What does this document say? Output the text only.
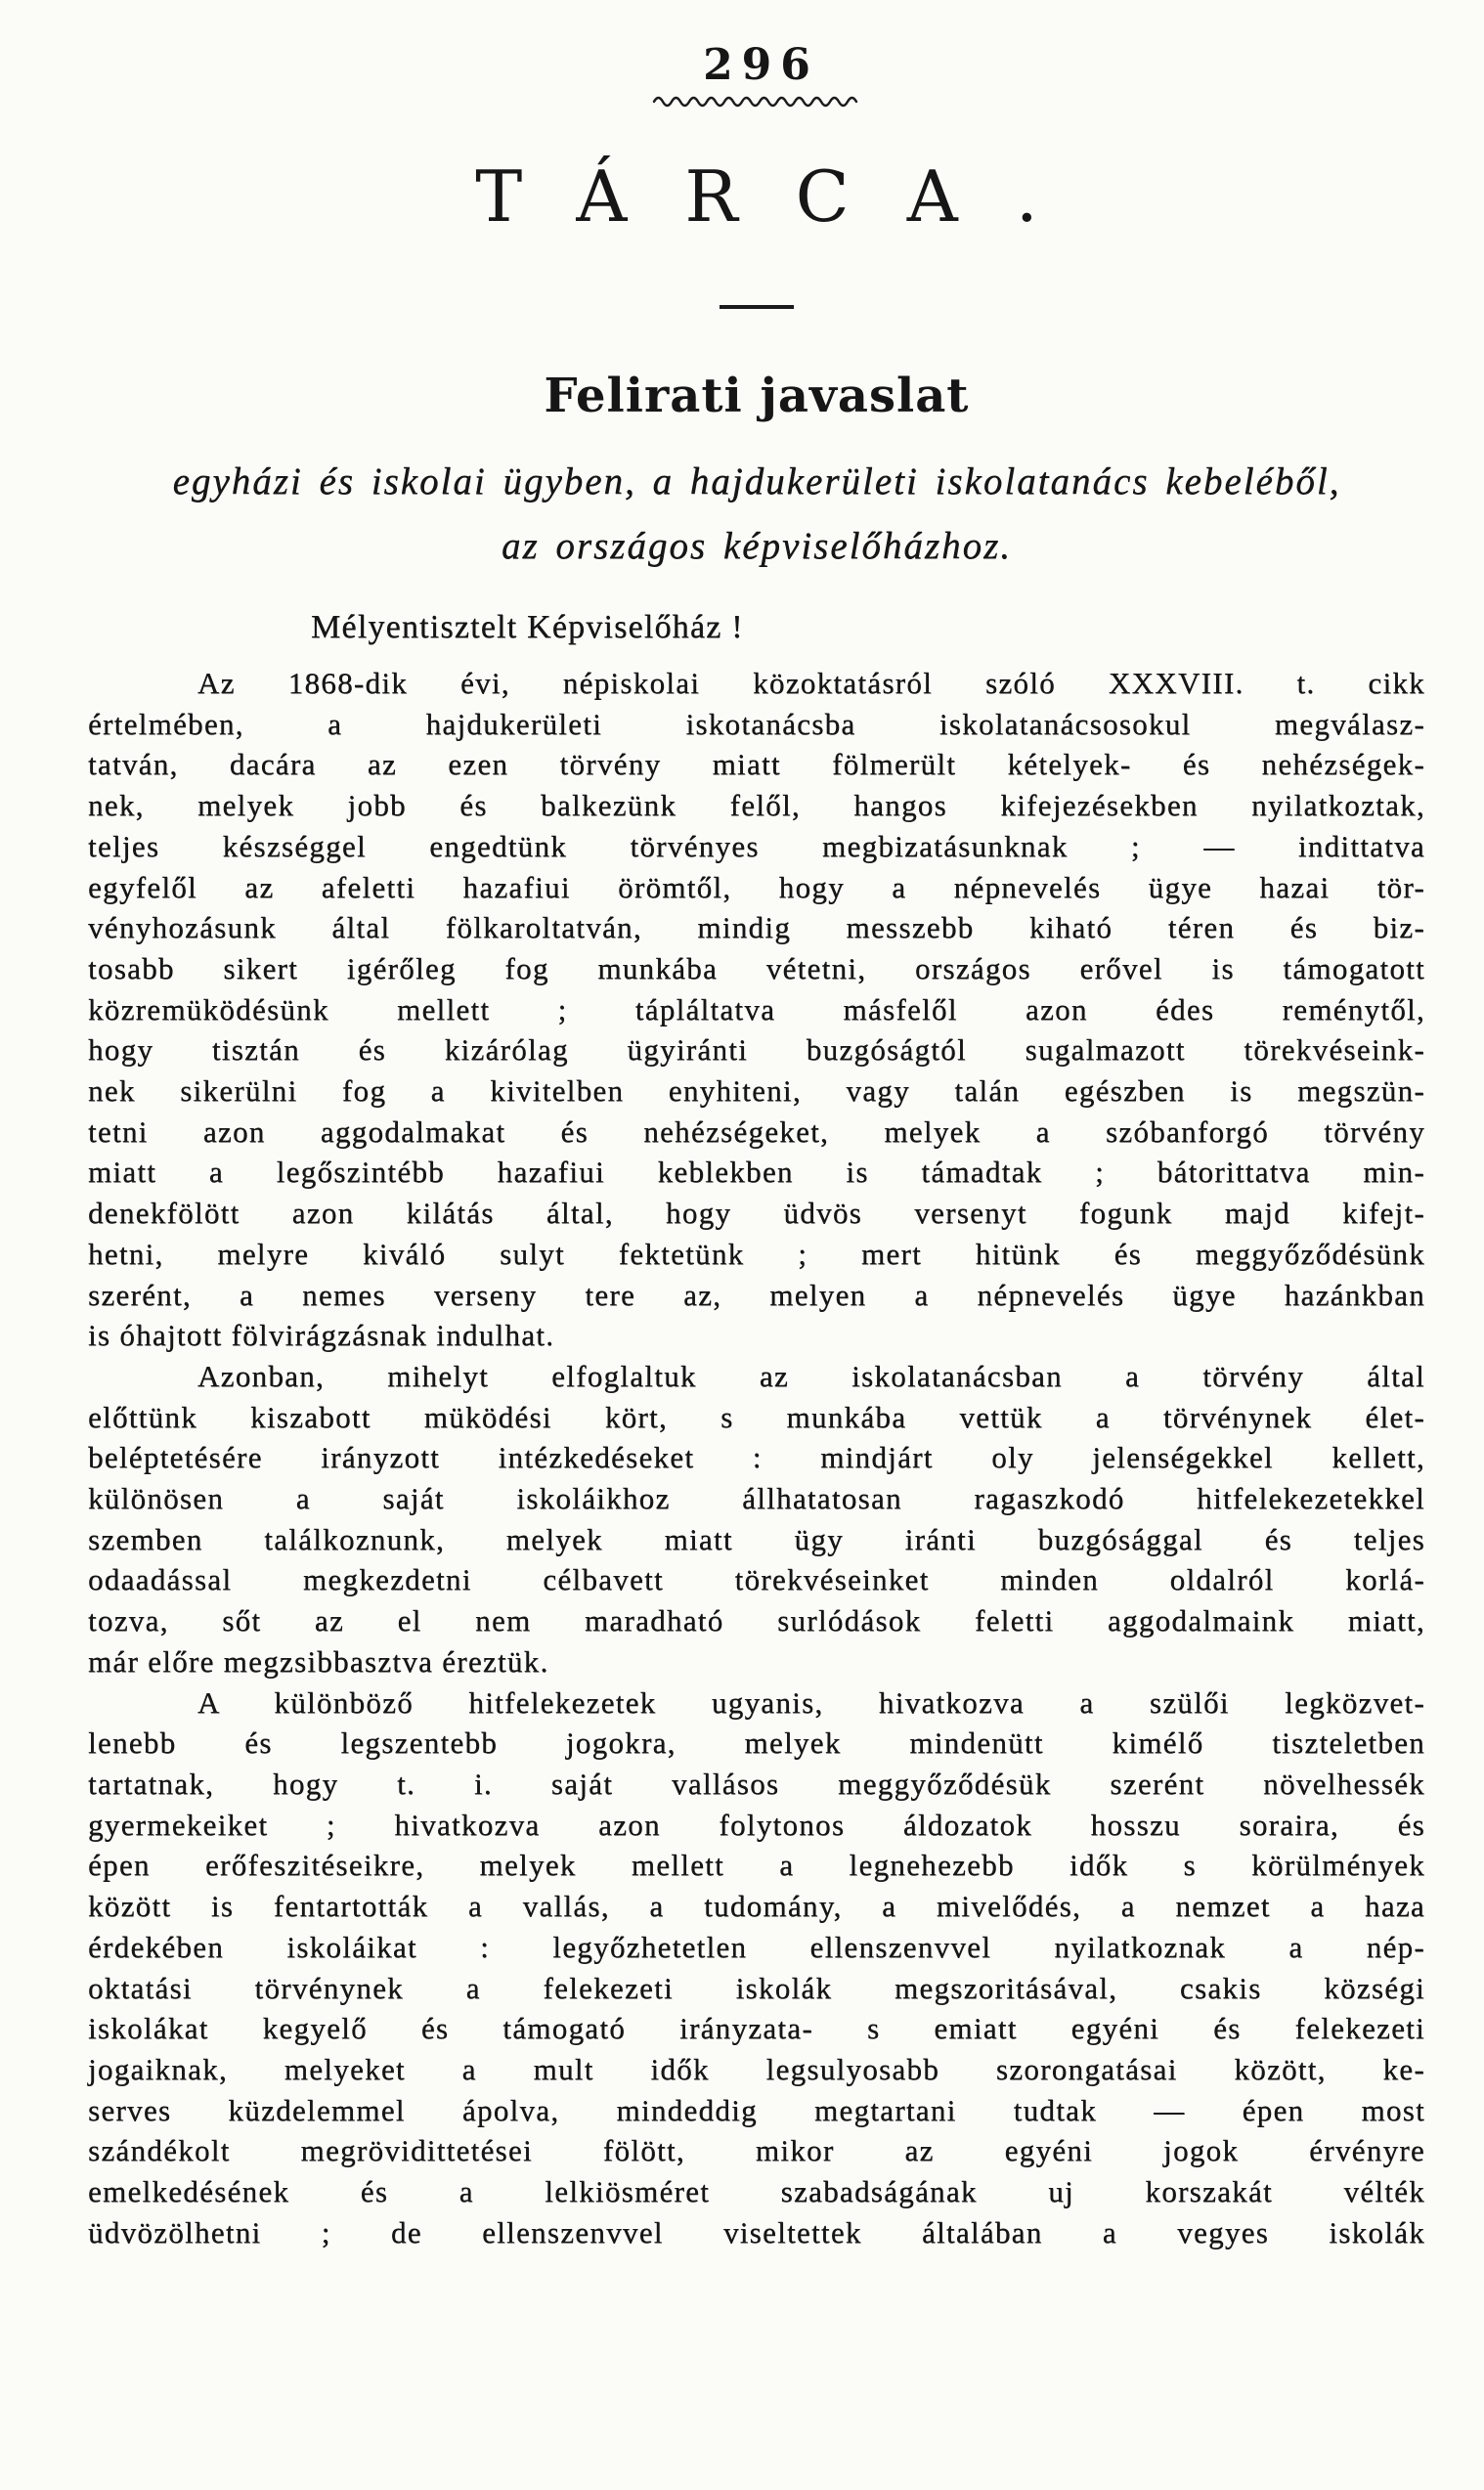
296
TÁRCA.
Felirati javaslat
egyházi és iskolai ügyben, a hajdukerületi iskolatanács kebeléből,
az országos képviselőházhoz.
Mélyentisztelt Képviselőház !
Az 1868-dik évi, népiskolai közoktatásról szóló XXXVIII. t. cikk
értelmében, a hajdukerületi iskotanácsba iskolatanácsosokul megválasz-
tatván, dacára az ezen törvény miatt fölmerült kételyek- és nehézségek-
nek, melyek jobb és balkezünk felől, hangos kifejezésekben nyilatkoztak,
teljes készséggel engedtünk törvényes megbizatásunknak ; — indittatva
egyfelől az afeletti hazafiui örömtől, hogy a népnevelés ügye hazai tör-
vényhozásunk által fölkaroltatván, mindig messzebb kiható téren és biz-
tosabb sikert igérőleg fog munkába vétetni, országos erővel is támogatott
közremüködésünk mellett ; tápláltatva másfelől azon édes reménytől,
hogy tisztán és kizárólag ügyiránti buzgóságtól sugalmazott törekvéseink-
nek sikerülni fog a kivitelben enyhiteni, vagy talán egészben is megszün-
tetni azon aggodalmakat és nehézségeket, melyek a szóbanforgó törvény
miatt a legőszintébb hazafiui keblekben is támadtak ; bátorittatva min-
denekfölött azon kilátás által, hogy üdvös versenyt fogunk majd kifejt-
hetni, melyre kiváló sulyt fektetünk ; mert hitünk és meggyőződésünk
szerént, a nemes verseny tere az, melyen a népnevelés ügye hazánkban
is óhajtott fölvirágzásnak indulhat.
Azonban, mihelyt elfoglaltuk az iskolatanácsban a törvény által
előttünk kiszabott müködési kört, s munkába vettük a törvénynek élet-
beléptetésére irányzott intézkedéseket : mindjárt oly jelenségekkel kellett,
különösen a saját iskoláikhoz állhatatosan ragaszkodó hitfelekezetekkel
szemben találkoznunk, melyek miatt ügy iránti buzgósággal és teljes
odaadással megkezdetni célbavett törekvéseinket minden oldalról korlá-
tozva, sőt az el nem maradható surlódások feletti aggodalmaink miatt,
már előre megzsibbasztva éreztük.
A különböző hitfelekezetek ugyanis, hivatkozva a szülői legközvet-
lenebb és legszentebb jogokra, melyek mindenütt kimélő tiszteletben
tartatnak, hogy t. i. saját vallásos meggyőződésük szerént növelhessék
gyermekeiket ; hivatkozva azon folytonos áldozatok hosszu soraira, és
épen erőfeszitéseikre, melyek mellett a legnehezebb idők s körülmények
között is fentartották a vallás, a tudomány, a mivelődés, a nemzet a haza
érdekében iskoláikat : legyőzhetetlen ellenszenvvel nyilatkoznak a nép-
oktatási törvénynek a felekezeti iskolák megszoritásával, csakis községi
iskolákat kegyelő és támogató irányzata- s emiatt egyéni és felekezeti
jogaiknak, melyeket a mult idők legsulyosabb szorongatásai között, ke-
serves küzdelemmel ápolva, mindeddig megtartani tudtak — épen most
szándékolt megrövidittetései fölött, mikor az egyéni jogok érvényre
emelkedésének és a lelkiösméret szabadságának uj korszakát vélték
üdvözölhetni ; de ellenszenvvel viseltettek általában a vegyes iskolák
